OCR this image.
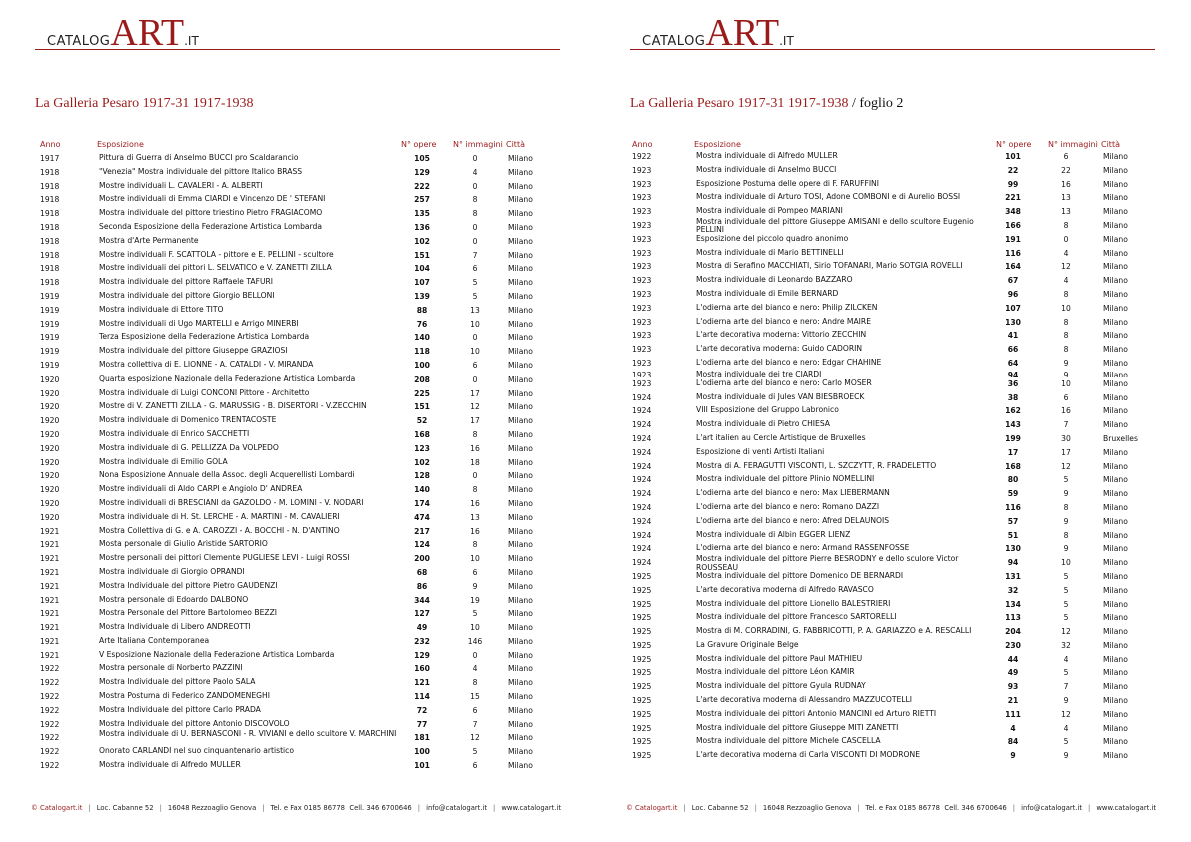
CATALOGART.IT
La Galleria Pesaro 1917-31 1917-1938
Anno	Esposizione	N° opere N° immagini Città
1917	Pittura di Guerra di Anselmo BUCCI pro Scaldarancio	105	0	Milano
1918	"Venezia" Mostra individuale del pittore Italico BRASS	129	4	Milano
1918	Mostre individuali L. CAVALERI - A. ALBERTI	222	0	Milano
1918	Mostre individuali di Emma CIARDI e Vincenzo DE ' STEFANI	257	8	Milano
1918	Mostra individuale del pittore triestino Pietro FRAGIACOMO	135	8	Milano
1918	Seconda Esposizione della Federazione Artistica Lombarda	136	0	Milano
1918	Mostra d'Arte Permanente	102	0	Milano
1918	Mostre individuali F. SCATTOLA - pittore e E. PELLINI - scultore	151	7	Milano
1918	Mostre individuali dei pittori L. SELVATICO e V. ZANETTI ZILLA	104	6	Milano
1918	Mostra individuale del pittore Raffaele TAFURI	107	5	Milano
1919	Mostra individuale del pittore Giorgio BELLONI	139	5	Milano
1919	Mostra individuale di Ettore TITO	88	13	Milano
1919	Mostre individuali di Ugo MARTELLI e Arrigo MINERBI	76	10	Milano
1919	Terza Esposizione della Federazione Artistica Lombarda	140	0	Milano
1919	Mostra individuale del pittore Giuseppe GRAZIOSI	118	10	Milano
1919	Mostra collettiva di E. LIONNE - A. CATALDI - V. MIRANDA	100	6	Milano
1920	Quarta esposizione Nazionale della Federazione Artistica Lombarda	208	0	Milano
1920	Mostra individuale di Luigi CONCONI Pittore - Architetto	225	17	Milano
1920	Mostre di V. ZANETTI ZILLA - G. MARUSSIG - B. DISERTORI - V.ZECCHIN	151	12	Milano
1920	Mostra individuale di Domenico TRENTACOSTE	52	17	Milano
1920	Mostra individuale di Enrico SACCHETTI	168	8	Milano
1920	Mostra individuale di G. PELLIZZA Da VOLPEDO	123	16	Milano
1920	Mostra individuale di Emilio GOLA	102	18	Milano
1920	Nona Esposizione Annuale della Assoc. degli Acquerellisti Lombardi	128	0	Milano
1920	Mostre individuali di Aldo CARPI e Angiolo D' ANDREA	140	8	Milano
1920	Mostre individuali di BRESCIANI da GAZOLDO - M. LOMINI - V. NODARI	174	16	Milano
1920	Mostra individuale di H. St. LERCHE - A. MARTINI - M. CAVALIERI	474	13	Milano
1921	Mostra Collettiva di G. e A. CAROZZI - A. BOCCHI - N. D'ANTINO	217	16	Milano
1921	Mosta personale di Giulio Aristide SARTORIO	124	8	Milano
1921	Mostre personali dei pittori Clemente PUGLIESE LEVI - Luigi ROSSI	200	10	Milano
1921	Mostra individuale di Giorgio OPRANDI	68	6	Milano
1921	Mostra Individuale del pittore Pietro GAUDENZI	86	9	Milano
1921	Mostra personale di Edoardo DALBONO	344	19	Milano
1921	Mostra Personale del Pittore Bartolomeo BEZZI	127	5	Milano
1921	Mostra Individuale di Libero ANDREOTTI	49	10	Milano
1921	Arte Italiana Contemporanea	232	146	Milano
1921	V Esposizione Nazionale della Federazione Artistica Lombarda	129	0	Milano
1922	Mostra personale di Norberto PAZZINI	160	4	Milano
1922	Mostra Individuale del pittore Paolo SALA	121	8	Milano
1922	Mostra Postuma di Federico ZANDOMENEGHI	114	15	Milano
1922	Mostra Individuale del pittore Carlo PRADA	72	6	Milano
1922	Mostra Individuale del pittore Antonio DISCOVOLO	77	7	Milano
1922	Mostra individuale di U. BERNASCONI - R. VIVIANI e dello scultore V. MARCHINI	181	12	Milano
1922	Onorato CARLANDI nel suo cinquantenario artistico	100	5	Milano
1922	Mostra individuale di Alfredo MULLER	101	6	Milano
© Catalogart.it | Loc. Cabanne 52 | 16048 Rezzoaglio Genova | Tel. e Fax 0185 86778 Cell. 346 6700646 | info@catalogart.it | www.catalogart.it
CATALOGART.IT
La Galleria Pesaro 1917-31 1917-1938 / foglio 2
Anno	Esposizione	N° opere N° immagini Città
1922	Mostra individuale di Alfredo MULLER	101	6	Milano
1923	Mostra individuale di Anselmo BUCCI	22	22	Milano
1923	Esposizione Postuma delle opere di F. FARUFFINI	99	16	Milano
1923	Mostra individuale di Arturo TOSI, Adone COMBONI e di Aurelio BOSSI	221	13	Milano
1923	Mostra individuale di Pompeo MARIANI	348	13	Milano
1923	Mostra individuale del pittore Giuseppe AMISANI e dello scultore Eugenio PELLINI	166	8	Milano
1923	Esposizione del piccolo quadro anonimo	191	0	Milano
1923	Mostra individuale di Mario BETTINELLI	116	4	Milano
1923	Mostra di Serafino MACCHIATI, Sirio TOFANARI, Mario SOTGIA ROVELLI	164	12	Milano
1923	Mostra individuale di Leonardo BAZZARO	67	4	Milano
1923	Mostra individuale di Emile BERNARD	96	8	Milano
1923	L'odierna arte del bianco e nero: Philip ZILCKEN	107	10	Milano
1923	L'odierna arte del bianco e nero: Andre MAIRE	130	8	Milano
1923	L'arte decorativa moderna: Vittorio ZECCHIN	41	8	Milano
1923	L'arte decorativa moderna: Guido CADORIN	66	8	Milano
1923	L'odierna arte del bianco e nero: Edgar CHAHINE	64	9	Milano
1923	Mostra individuale dei tre CIARDI	94	9	Milano
1923	L'odierna arte del bianco e nero: Carlo MOSER	36	10	Milano
1924	Mostra individuale di Jules VAN BIESBROECK	38	6	Milano
1924	VIII Esposizione del Gruppo Labronico	162	16	Milano
1924	Mostra individuale di Pietro CHIESA	143	7	Milano
1924	L'art italien au Cercle Artistique de Bruxelles	199	30	Bruxelles
1924	Esposizione di venti Artisti Italiani	17	17	Milano
1924	Mostra di A. FERAGUTTI VISCONTI, L. SZCZYTT, R. FRADELETTO	168	12	Milano
1924	Mostra individuale del pittore Plinio NOMELLINI	80	5	Milano
1924	L'odierna arte del bianco e nero: Max LIEBERMANN	59	9	Milano
1924	L'odierna arte del bianco e nero: Romano DAZZI	116	8	Milano
1924	L'odierna arte del bianco e nero: Afred DELAUNOIS	57	9	Milano
1924	Mostra individuale di Albin EGGER LIENZ	51	8	Milano
1924	L'odierna arte del bianco e nero: Armand RASSENFOSSE	130	9	Milano
1924	Mostra individuale del pittore Pierre BESRODNY e dello sculore Victor ROUSSEAU	94	10	Milano
1925	Mostra individuale del pittore Domenico DE BERNARDI	131	5	Milano
1925	L'arte decorativa moderna di Alfredo RAVASCO	32	5	Milano
1925	Mostra individuale del pittore Lionello BALESTRIERI	134	5	Milano
1925	Mostra individuale del pittore Francesco SARTORELLI	113	5	Milano
1925	Mostra di M. CORRADINI, G. FABBRICOTTI, P. A. GARIAZZO e A. RESCALLI	204	12	Milano
1925	La Gravure Originale Belge	230	32	Milano
1925	Mostra individuale del pittore Paul MATHIEU	44	4	Milano
1925	Mostra individuale del pittore Léon KAMIR	49	5	Milano
1925	Mostra individuale del pittore Gyula RUDNAY	93	7	Milano
1925	L'arte decorativa moderna di Alessandro MAZZUCOTELLI	21	9	Milano
1925	Mostra individuale dei pittori Antonio MANCINI ed Arturo RIETTI	111	12	Milano
1925	Mostra individuale del pittore Giuseppe MITI ZANETTI	4	4	Milano
1925	Mostra individuale del pittore Michele CASCELLA	84	5	Milano
1925	L'arte decorativa moderna di Carla VISCONTI DI MODRONE	9	9	Milano
© Catalogart.it | Loc. Cabanne 52 | 16048 Rezzoaglio Genova | Tel. e Fax 0185 86778 Cell. 346 6700646 | info@catalogart.it | www.catalogart.it
